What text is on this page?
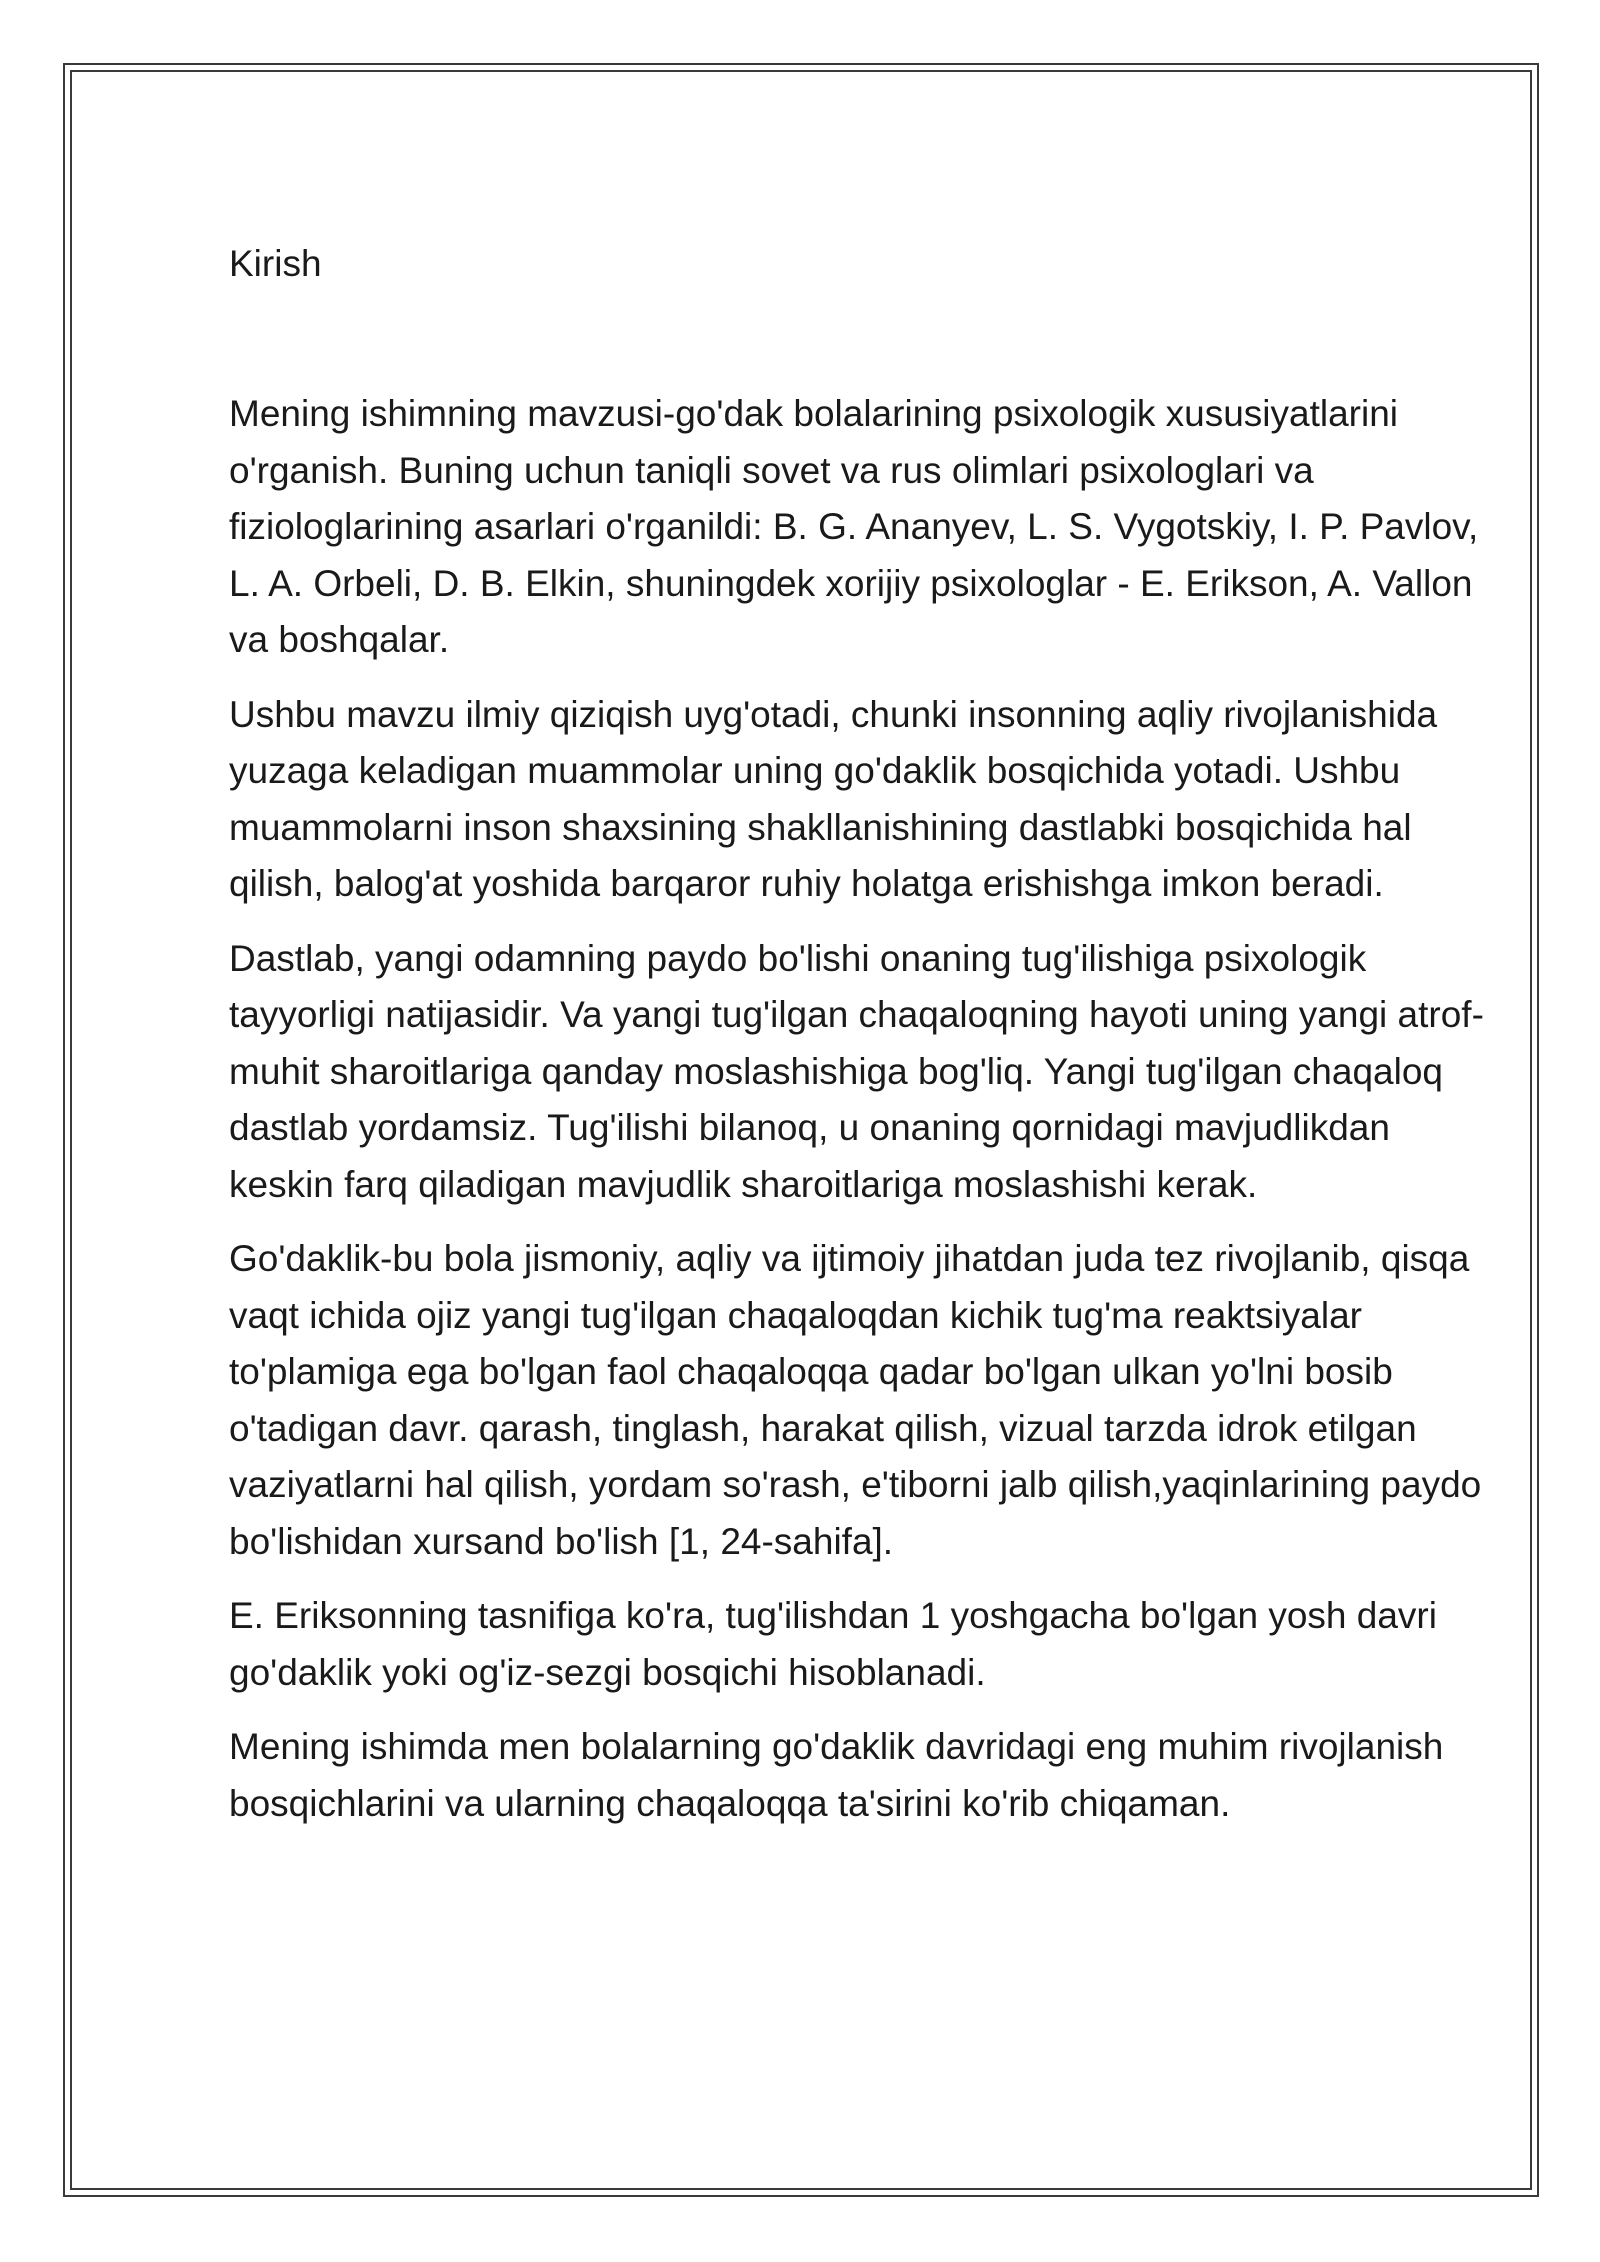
Kirish

Mening ishimning mavzusi-go'dak bolalarining psixologik xususiyatlarini o'rganish. Buning uchun taniqli sovet va rus olimlari psixologlari va fiziologlarining asarlari o'rganildi: B. G. Ananyev, L. S. Vygotskiy, I. P. Pavlov, L. A. Orbeli, D. B. Elkin, shuningdek xorijiy psixologlar - E. Erikson, A. Vallon va boshqalar.

Ushbu mavzu ilmiy qiziqish uyg'otadi, chunki insonning aqliy rivojlanishida yuzaga keladigan muammolar uning go'daklik bosqichida yotadi. Ushbu muammolarni inson shaxsining shakllanishining dastlabki bosqichida hal qilish, balog'at yoshida barqaror ruhiy holatga erishishga imkon beradi.

Dastlab, yangi odamning paydo bo'lishi onaning tug'ilishiga psixologik tayyorligi natijasidir. Va yangi tug'ilgan chaqaloqning hayoti uning yangi atrof-muhit sharoitlariga qanday moslashishiga bog'liq. Yangi tug'ilgan chaqaloq dastlab yordamsiz. Tug'ilishi bilanoq, u onaning qornidagi mavjudlikdan keskin farq qiladigan mavjudlik sharoitlariga moslashishi kerak.

Go'daklik-bu bola jismoniy, aqliy va ijtimoiy jihatdan juda tez rivojlanib, qisqa vaqt ichida ojiz yangi tug'ilgan chaqaloqdan kichik tug'ma reaktsiyalar to'plamiga ega bo'lgan faol chaqaloqqa qadar bo'lgan ulkan yo'lni bosib o'tadigan davr. qarash, tinglash, harakat qilish, vizual tarzda idrok etilgan vaziyatlarni hal qilish, yordam so'rash, e'tiborni jalb qilish,yaqinlarining paydo bo'lishidan xursand bo'lish [1, 24-sahifa].

E. Eriksonning tasnifiga ko'ra, tug'ilishdan 1 yoshgacha bo'lgan yosh davri go'daklik yoki og'iz-sezgi bosqichi hisoblanadi.

Mening ishimda men bolalarning go'daklik davridagi eng muhim rivojlanish bosqichlarini va ularning chaqaloqqa ta'sirini ko'rib chiqaman.
